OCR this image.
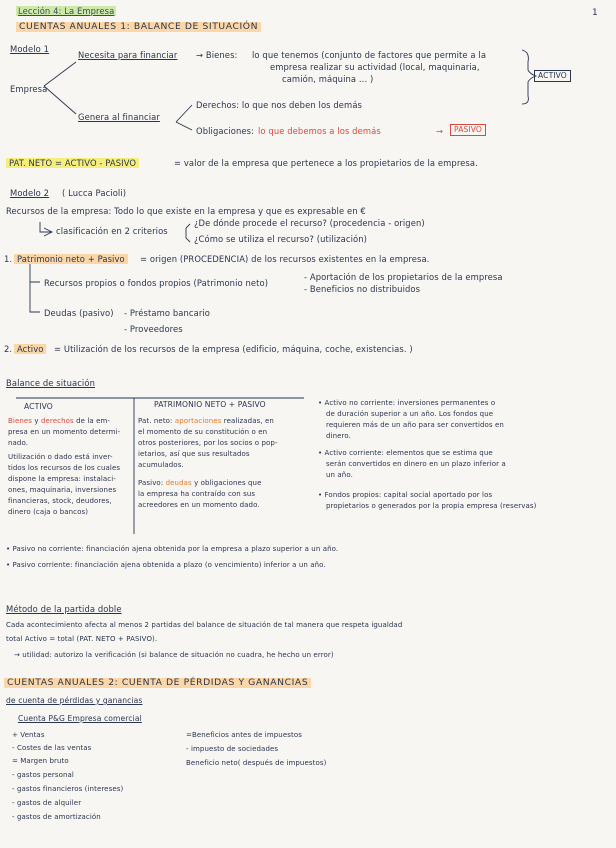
1
Lección 4: La Empresa
CUENTAS ANUALES 1: BALANCE DE SITUACIÓN
Modelo 1
Empresa
Necesita para financiar → Bienes: lo que tenemos (conjunto de factores que permite a la
empresa realizar su actividad (local, maquinaria,
camión, máquina ... )	ACTIVO
Genera al financiar
Derechos: lo que nos deben los demás
Obligaciones: lo que debemos a los demás	→	PASIVO
PAT. NETO = ACTIVO - PASIVO	= valor de la empresa que pertenece a los propietarios de la empresa.
Modelo 2 ( Lucca Pacioli)
Recursos de la empresa: Todo lo que existe en la empresa y que es expresable en €
clasificación en 2 criterios
¿De dónde procede el recurso? (procedencia - origen)
¿Cómo se utiliza el recurso? (utilización)
1. Patrimonio neto + Pasivo	= origen (PROCEDENCIA) de los recursos existentes en la empresa.
Recursos propios o fondos propios (Patrimonio neto)
- Aportación de los propietarios de la empresa
- Beneficios no distribuidos
Deudas (pasivo) - Préstamo bancario
- Proveedores
2. Activo	= Utilización de los recursos de la empresa (edificio, máquina, coche, existencias. )
Balance de situación
ACTIVO	PATRIMONIO NETO + PASIVO
Bienes y derechos de la em-
presa en un momento determi-
nado.
Utilización o dado está inver-
tidos los recursos de los cuales
dispone la empresa: instalaci-
ones, maquinaria, inversiones
financieras, stock, deudores,
dinero (caja o bancos)
Pat. neto: aportaciones realizadas, en
el momento de su constitución o en
otros posteriores, por los socios o pop-
ietarios, así que sus resultados
acumulados.
Pasivo: deudas y obligaciones que
la empresa ha contraído con sus
acreedores en un momento dado.
• Activo no corriente: inversiones permanentes o
de duración superior a un año. Los fondos que
requieren más de un año para ser convertidos en
dinero.
• Activo corriente: elementos que se estima que
serán convertidos en dinero en un plazo inferior a
un año.
• Fondos propios: capital social aportado por los
propietarios o generados por la propia empresa (reservas)
• Pasivo no corriente: financiación ajena obtenida por la empresa a plazo superior a un año.
• Pasivo corriente: financiación ajena obtenida a plazo (o vencimiento) inferior a un año.
Método de la partida doble
Cada acontecimiento afecta al menos 2 partidas del balance de situación de tal manera que respeta igualdad
total Activo = total (PAT. NETO + PASIVO).
→ utilidad: autorizo la verificación (si balance de situación no cuadra, he hecho un error)
CUENTAS ANUALES 2: CUENTA DE PÉRDIDAS Y GANANCIAS
de cuenta de pérdidas y ganancias
Cuenta P&G Empresa comercial
+ Ventas
- Costes de las ventas
= Margen bruto
- gastos personal
- gastos financieros (intereses)
- gastos de alquiler
- gastos de amortización
=Beneficios antes de impuestos
- impuesto de sociedades
Beneficio neto( después de impuestos)
